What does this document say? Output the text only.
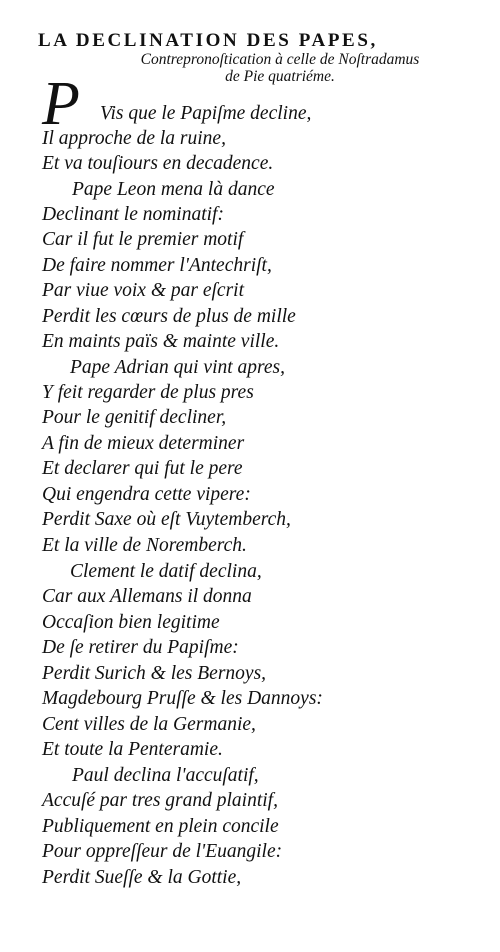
LA DECLINATION DES PAPES,
Contrepronoſtication à celle de Noſtradamus
de Pie quatriéme.
P Vis que le Papiſme decline,
Il approche de la ruine,
Et va touſiours en decadence.
Pape Leon mena là dance
Declinant le nominatif:
Car il fut le premier motif
De faire nommer l'Antechriſt,
Par viue voix & par eſcrit
Perdit les cœurs de plus de mille
En maints païs & mainte ville.
Pape Adrian qui vint apres,
Y feit regarder de plus pres
Pour le genitif decliner,
A fin de mieux determiner
Et declarer qui fut le pere
Qui engendra cette vipere:
Perdit Saxe où eſt Vuytemberch,
Et la ville de Noremberch.
Clement le datif declina,
Car aux Allemans il donna
Occaſion bien legitime
De ſe retirer du Papiſme:
Perdit Surich & les Bernoys,
Magdebourg Pruſſe & les Dannoys:
Cent villes de la Germanie,
Et toute la Penteramie.
Paul declina l'accuſatif,
Accuſé par tres grand plaintif,
Publiquement en plein concile
Pour oppreſſeur de l'Euangile:
Perdit Sueſſe & la Gottie,
